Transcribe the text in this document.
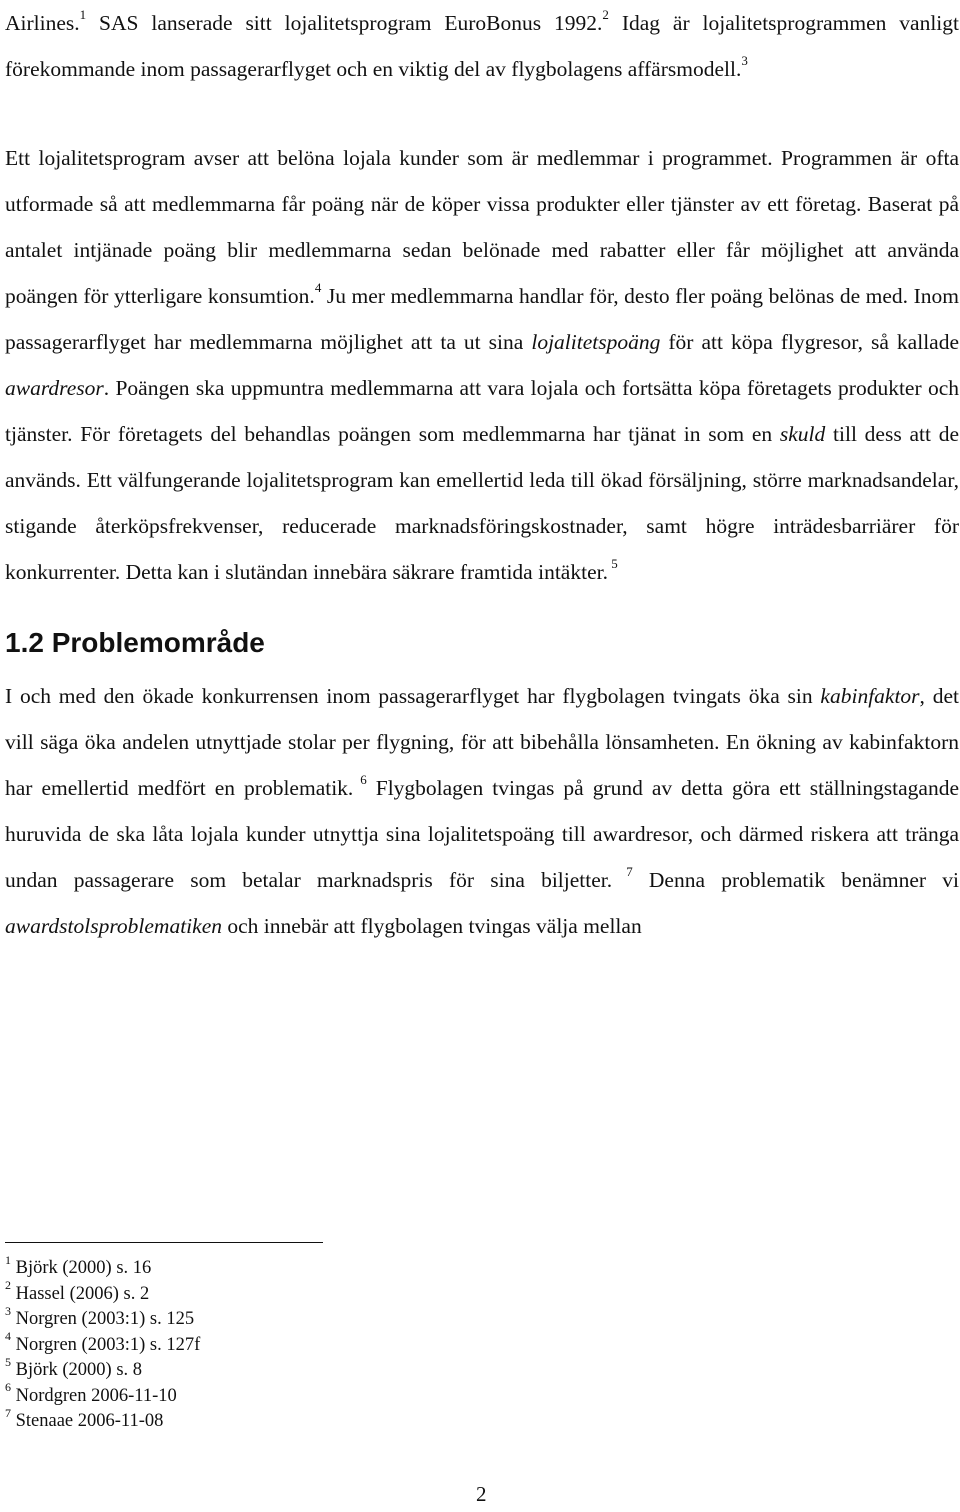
Airlines.$^1$ SAS lanserade sitt lojalitetsprogram EuroBonus 1992.$^2$ Idag är lojalitetsprogrammen vanligt förekommande inom passagerarflyget och en viktig del av flygbolagens affärsmodell.$^3$

Ett lojalitetsprogram avser att belöna lojala kunder som är medlemmar i programmet. Programmen är ofta utformade så att medlemmarna får poäng när de köper vissa produkter eller tjänster av ett företag. Baserat på antalet intjänade poäng blir medlemmarna sedan belönade med rabatter eller får möjlighet att använda poängen för ytterligare konsumtion.$^4$ Ju mer medlemmarna handlar för, desto fler poäng belönas de med. Inom passagerarflyget har medlemmarna möjlighet att ta ut sina lojalitetspoäng för att köpa flygresor, så kallade awardresor. Poängen ska uppmuntra medlemmarna att vara lojala och fortsätta köpa företagets produkter och tjänster. För företagets del behandlas poängen som medlemmarna har tjänat in som en skuld till dess att de används. Ett välfungerande lojalitetsprogram kan emellertid leda till ökad försäljning, större marknadsandelar, stigande återköpsfrekvenser, reducerade marknadsföringskostnader, samt högre inträdesbarriärer för konkurrenter. Detta kan i slutändan innebära säkrare framtida intäkter. $^5$

1.2 Problemområde

I och med den ökade konkurrensen inom passagerarflyget har flygbolagen tvingats öka sin kabinfaktor, det vill säga öka andelen utnyttjade stolar per flygning, för att bibehålla lönsamheten. En ökning av kabinfaktorn har emellertid medfört en problematik. $^6$ Flygbolagen tvingas på grund av detta göra ett ställningstagande huruvida de ska låta lojala kunder utnyttja sina lojalitetspoäng till awardresor, och därmed riskera att tränga undan passagerare som betalar marknadspris för sina biljetter. $^7$ Denna problematik benämner vi awardstolsproblematiken och innebär att flygbolagen tvingas välja mellan

$^1$ Björk (2000) s. 16
$^2$ Hassel (2006) s. 2
$^3$ Norgren (2003:1) s. 125
$^4$ Norgren (2003:1) s. 127f
$^5$ Björk (2000) s. 8
$^6$ Nordgren 2006-11-10
$^7$ Stenaae 2006-11-08
2
